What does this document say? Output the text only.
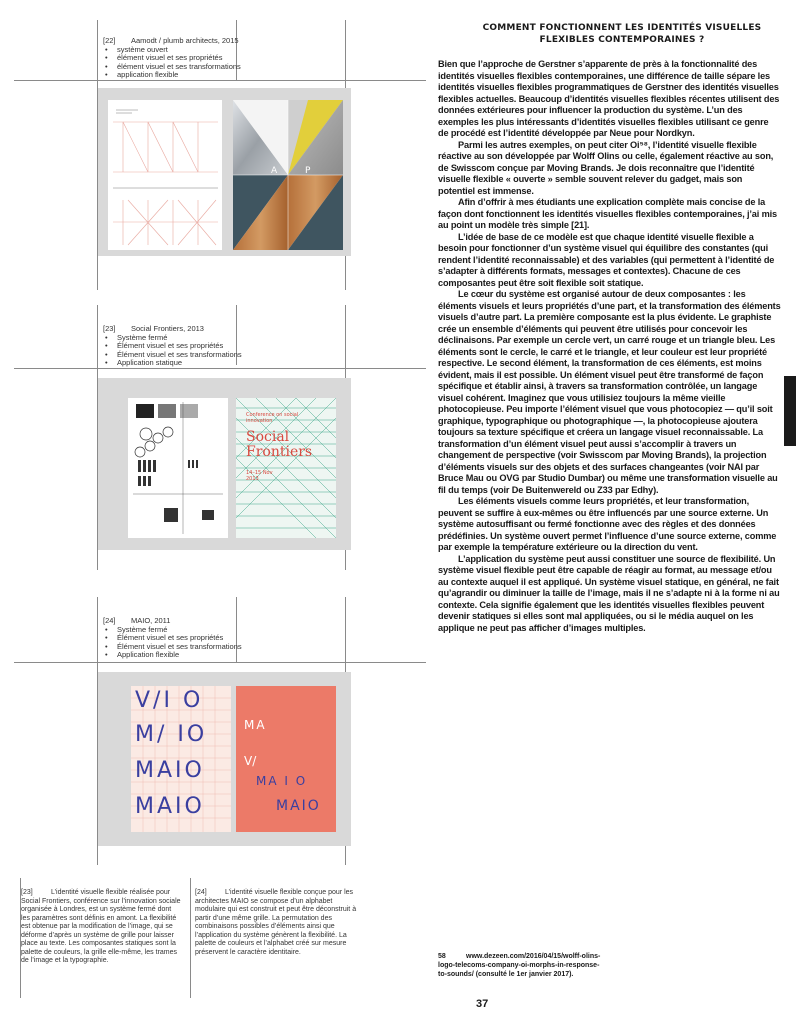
[22] Aamodt / plumb architects, 2015
• système ouvert
• élément visuel et ses propriétés
• élément visuel et ses transformations
• application flexible
A	P
[23] Social Frontiers, 2013
• Système fermé
• Élément visuel et ses propriétés
• Élément visuel et ses transformations
• Application statique
Social Frontiers
Conference on social innovation
14–15 Nov 2013
[24] MAIO, 2011
• Système fermé
• Élément visuel et ses propriétés
• Élément visuel et ses transformations
• Application flexible
V/I O
M/ IO
MAIO
MAIO
MA
V/
MA I O
MAIO
[23]	L’identité visuelle flexible réalisée pour Social Frontiers, conférence sur l’innovation sociale organisée à Londres, est un système fermé dont les paramètres sont définis en amont. La flexibilité est obtenue par la modification de l’image, qui se déforme d’après un système de grille pour laisser place au texte. Les composantes statiques sont la palette de couleurs, la grille elle-même, les trames de l’image et la typographie.
[24]	L’identité visuelle flexible conçue pour les architectes MAIO se compose d’un alphabet modulaire qui est construit et peut être déconstruit à partir d’une même grille. La permutation des combinaisons possibles d’éléments ainsi que l’application du système génèrent la flexibilité. La palette de couleurs et l’alphabet créé sur mesure préservent le caractère identitaire.
COMMENT FONCTIONNENT LES IDENTITÉS VISUELLES FLEXIBLES CONTEMPORAINES ?

Bien que l’approche de Gerstner s’apparente de près à la fonctionnalité des identités visuelles flexibles contemporaines, une différence de taille sépare les identités visuelles flexibles programmatiques de Gerstner des identités visuelles flexibles actuelles. Beaucoup d’identités visuelles flexibles récentes utilisent des données extérieures pour influencer la production du système. L’un des exemples les plus intéressants d’identités visuelles flexibles utilisant ce genre de procédé est l’identité développée par Neue pour Nordkyn.

Parmi les autres exemples, on peut citer Oi⁵⁸, l’identité visuelle flexible réactive au son développée par Wolff Olins ou celle, également réactive au son, de Swisscom conçue par Moving Brands. Je dois reconnaître que l’identité visuelle flexible « ouverte » semble souvent relever du gadget, mais son potentiel est immense.

Afin d’offrir à mes étudiants une explication complète mais concise de la façon dont fonctionnent les identités visuelles flexibles contemporaines, j’ai mis au point un modèle très simple [21].

L’idée de base de ce modèle est que chaque identité visuelle flexible a besoin pour fonctionner d’un système visuel qui équilibre des constantes (qui rendent l’identité reconnaissable) et des variables (qui permettent à l’identité de s’adapter à différents formats, messages et contextes). Chacune de ces composantes peut être soit flexible soit statique.

Le cœur du système est organisé autour de deux composantes : les éléments visuels et leurs propriétés d’une part, et la transformation des éléments visuels d’autre part. La première composante est la plus évidente. Le graphiste crée un ensemble d’éléments qui peuvent être utilisés pour concevoir les déclinaisons. Par exemple un cercle vert, un carré rouge et un triangle bleu. Les éléments sont le cercle, le carré et le triangle, et leur couleur est leur propriété respective. Le second élément, la transformation de ces éléments, est moins évident, mais il est possible. Un élément visuel peut être transformé de façon spécifique et établir ainsi, à travers sa transformation contrôlée, un langage visuel cohérent. Imaginez que vous utilisiez toujours la même vieille photocopieuse. Peu importe l’élément visuel que vous photocopiez — qu’il soit graphique, typographique ou photographique —, la photocopieuse ajoutera toujours sa texture spécifique et créera un langage visuel reconnaissable. La transformation d’un élément visuel peut aussi s’accomplir à travers un changement de perspective (voir Swisscom par Moving Brands), la projection d’éléments visuels sur des objets et des surfaces changeantes (voir NAI par Bruce Mau ou OVG par Studio Dumbar) ou même une transformation visuelle au fil du temps (voir De Buitenwereld ou Z33 par Edhy).

Les éléments visuels comme leurs propriétés, et leur transformation, peuvent se suffire à eux-mêmes ou être influencés par une source externe. Un système autosuffisant ou fermé fonctionne avec des règles et des données prédéfinies. Un système ouvert permet l’influence d’une source externe, comme par exemple la température extérieure ou la direction du vent.

L’application du système peut aussi constituer une source de flexibilité. Un système visuel flexible peut être capable de réagir au format, au message et/ou au contexte auquel il est appliqué. Un système visuel statique, en général, ne fait qu’agrandir ou diminuer la taille de l’image, mais il ne s’adapte ni à la forme ni au contexte. Cela signifie également que les identités visuelles flexibles peuvent devenir statiques si elles sont mal appliquées, ou si le média auquel on les applique ne peut pas afficher d’images multiples.

58	www.dezeen.com/2016/04/15/wolff-olins-logo-telecoms-company-oi-morphs-in-response-to-sounds/ (consulté le 1er janvier 2017).
37
